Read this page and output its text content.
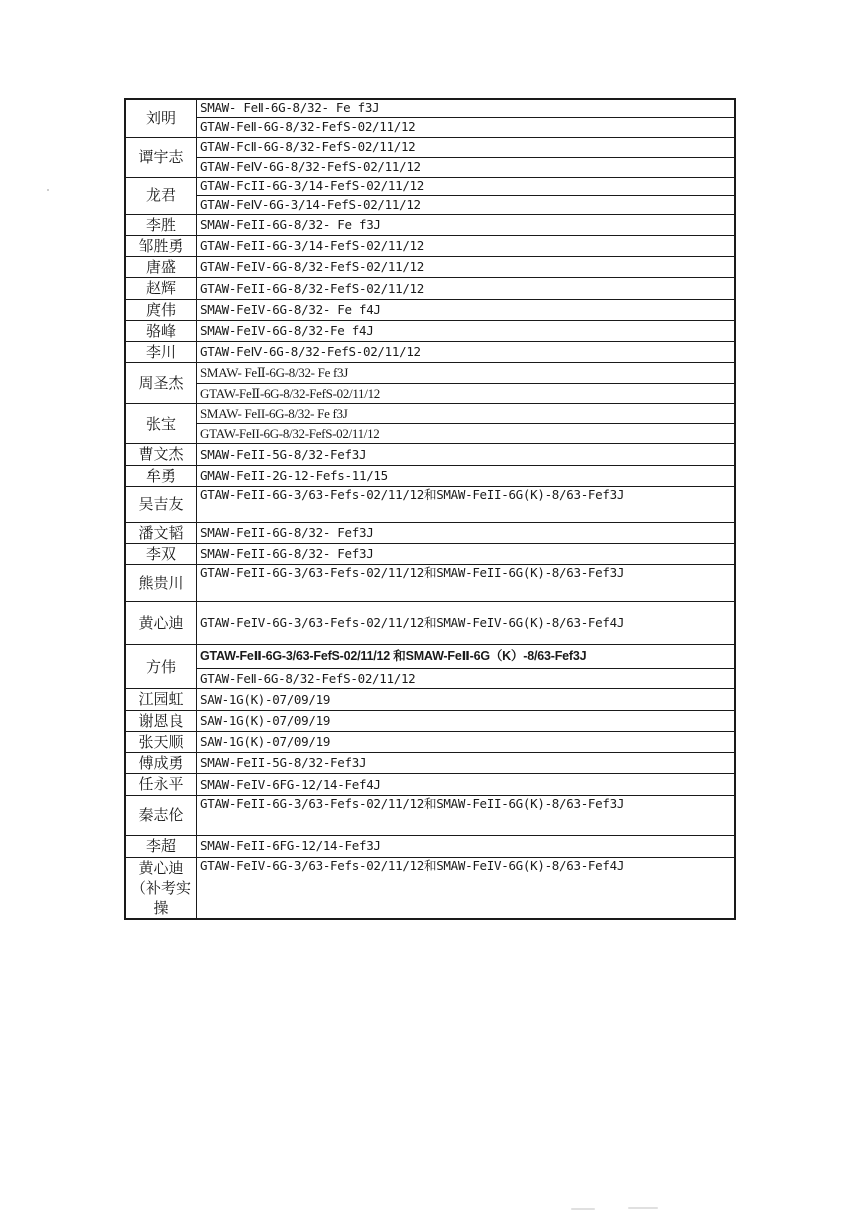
刘明	SMAW- FeⅡ-6G-8/32- Fe f3J
	GTAW-FeⅡ-6G-8/32-FefS-02/11/12
谭宇志	GTAW-FcⅡ-6G-8/32-FefS-02/11/12
	GTAW-FeⅣ-6G-8/32-FefS-02/11/12
龙君	GTAW-FcII-6G-3/14-FefS-02/11/12
	GTAW-FeⅣ-6G-3/14-FefS-02/11/12
李胜	SMAW-FeII-6G-8/32- Fe f3J
邹胜勇	GTAW-FeII-6G-3/14-FefS-02/11/12
唐盛	GTAW-FeIV-6G-8/32-FefS-02/11/12
赵辉	GTAW-FeII-6G-8/32-FefS-02/11/12
庹伟	SMAW-FeIV-6G-8/32- Fe f4J
骆峰	SMAW-FeIV-6G-8/32-Fe f4J
李川	GTAW-FeⅣ-6G-8/32-FefS-02/11/12
周圣杰	SMAW- FeⅡ-6G-8/32- Fe f3J
	GTAW-FeⅡ-6G-8/32-FefS-02/11/12
张宝	SMAW- FeII-6G-8/32- Fe f3J
	GTAW-FeII-6G-8/32-FefS-02/11/12
曹文杰	SMAW-FeII-5G-8/32-Fef3J
牟勇	GMAW-FeII-2G-12-Fefs-11/15
吴吉友	GTAW-FeII-6G-3/63-Fefs-02/11/12和SMAW-FeII-6G(K)-8/63-Fef3J
潘文韬	SMAW-FeII-6G-8/32- Fef3J
李双	SMAW-FeII-6G-8/32- Fef3J
熊贵川	GTAW-FeII-6G-3/63-Fefs-02/11/12和SMAW-FeII-6G(K)-8/63-Fef3J
黄心迪	GTAW-FeIV-6G-3/63-Fefs-02/11/12和SMAW-FeIV-6G(K)-8/63-Fef4J
方伟	GTAW-FeⅡ-6G-3/63-FefS-02/11/12 和SMAW-FeⅡ-6G（K）-8/63-Fef3J
	GTAW-FeⅡ-6G-8/32-FefS-02/11/12
江园虹	SAW-1G(K)-07/09/19
谢恩良	SAW-1G(K)-07/09/19
张天顺	SAW-1G(K)-07/09/19
傅成勇	SMAW-FeII-5G-8/32-Fef3J
任永平	SMAW-FeIV-6FG-12/14-Fef4J
秦志伦	GTAW-FeII-6G-3/63-Fefs-02/11/12和SMAW-FeII-6G(K)-8/63-Fef3J
李超	SMAW-FeII-6FG-12/14-Fef3J
黄心迪（补考实操	GTAW-FeIV-6G-3/63-Fefs-02/11/12和SMAW-FeIV-6G(K)-8/63-Fef4J
